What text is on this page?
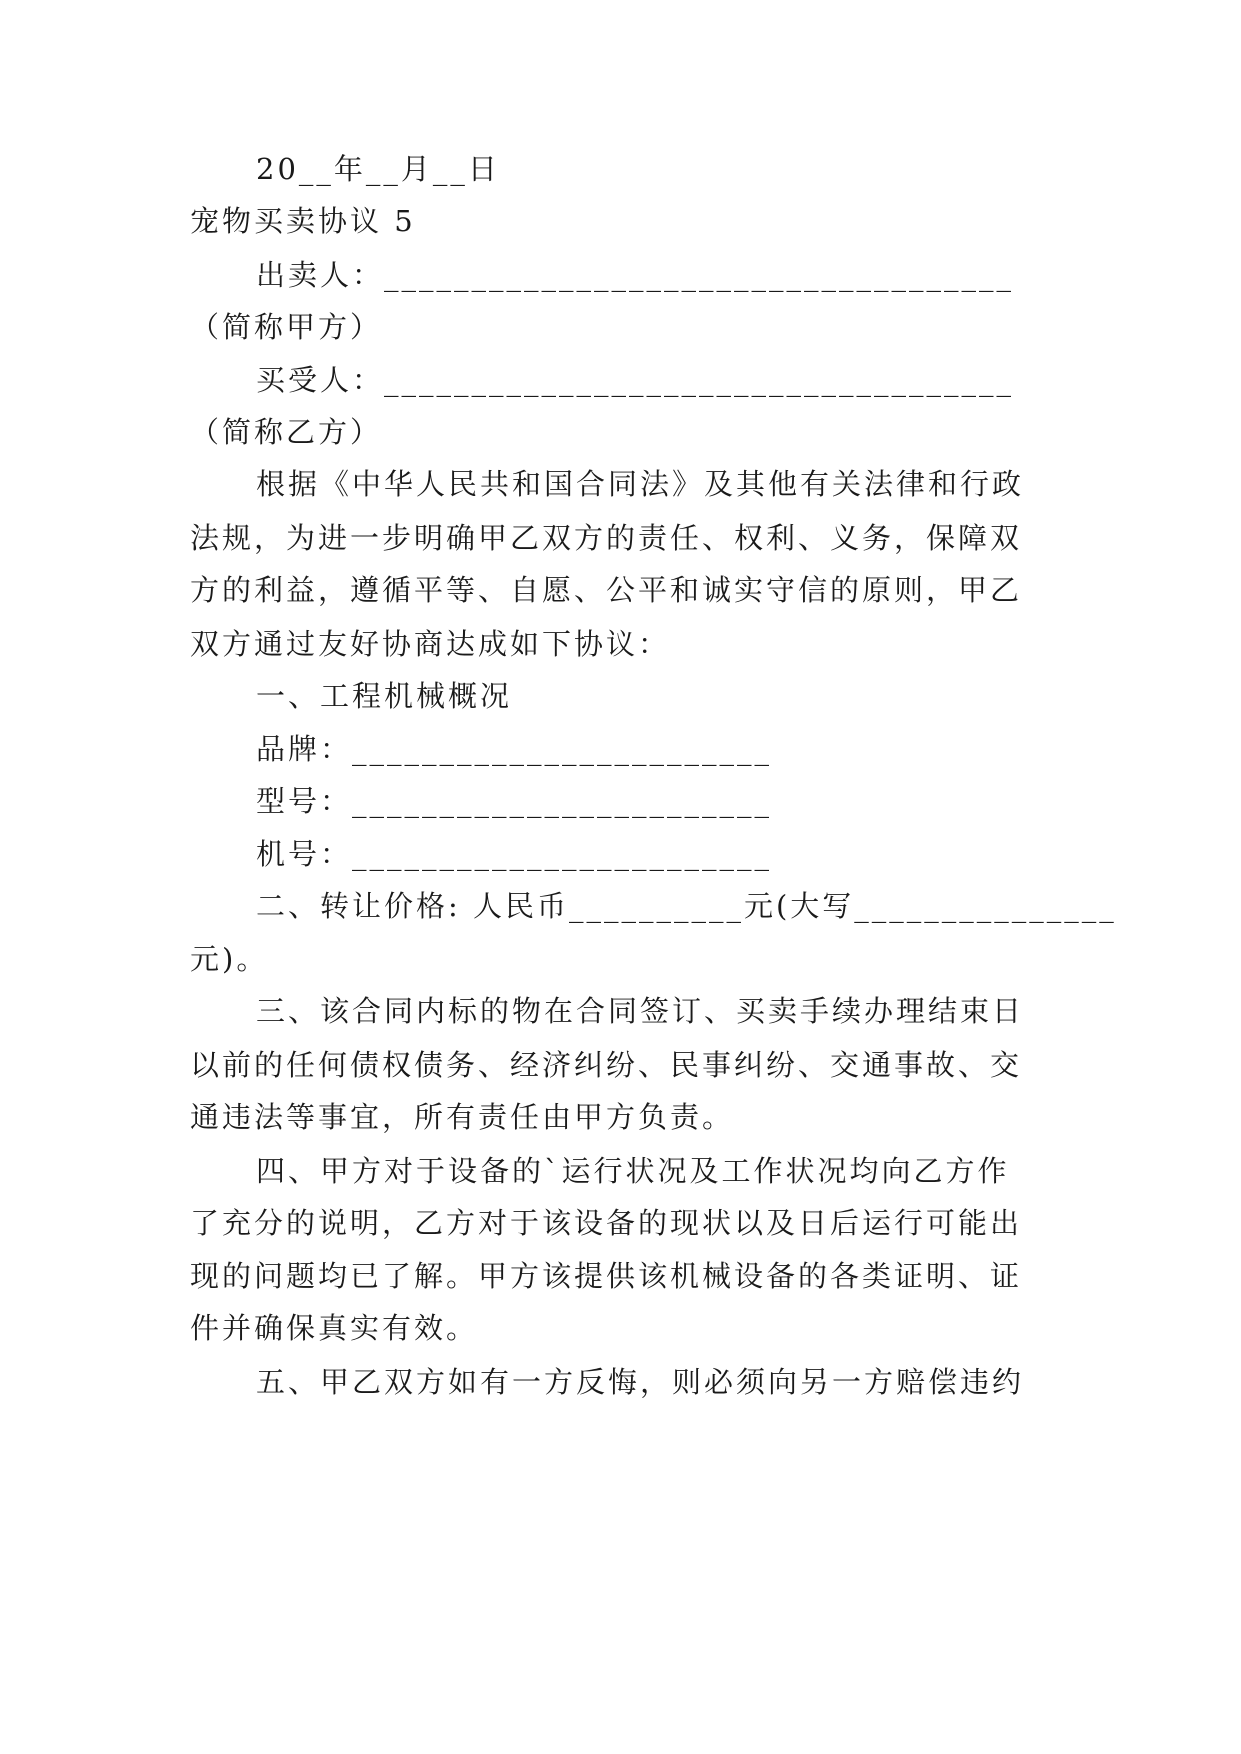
20__年__月__日
宠物买卖协议 5
出卖人：____________________________________
（简称甲方）
买受人：____________________________________
（简称乙方）
根据《中华人民共和国合同法》及其他有关法律和行政
法规，为进一步明确甲乙双方的责任、权利、义务，保障双
方的利益，遵循平等、自愿、公平和诚实守信的原则，甲乙
双方通过友好协商达成如下协议：
一、工程机械概况
品牌：________________________
型号：________________________
机号：________________________
二、转让价格: 人民币__________元(大写_______________
元)。
三、该合同内标的物在合同签订、买卖手续办理结束日
以前的任何债权债务、经济纠纷、民事纠纷、交通事故、交
通违法等事宜，所有责任由甲方负责。
四、甲方对于设备的`运行状况及工作状况均向乙方作
了充分的说明，乙方对于该设备的现状以及日后运行可能出
现的问题均已了解。甲方该提供该机械设备的各类证明、证
件并确保真实有效。
五、甲乙双方如有一方反悔，则必须向另一方赔偿违约
